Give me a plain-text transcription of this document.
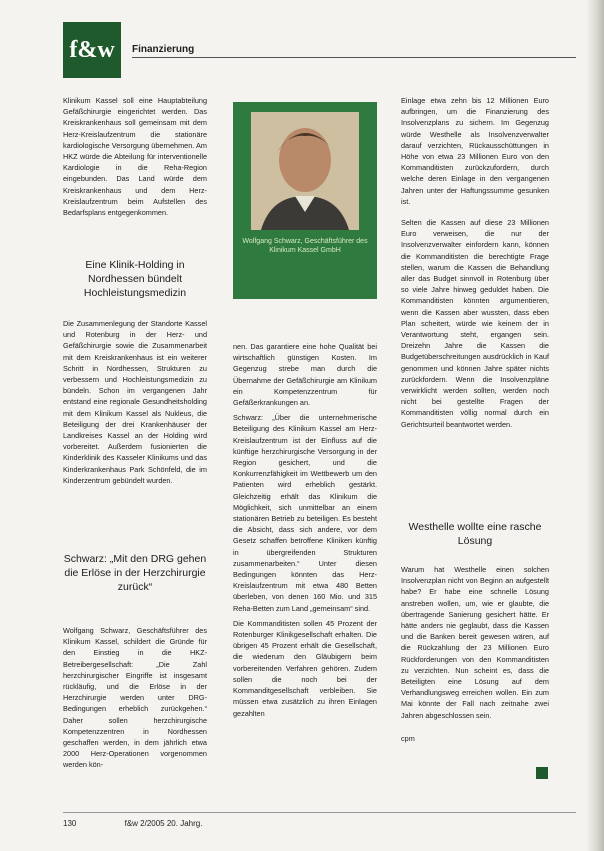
f&w	Finanzierung

Klinikum Kassel soll eine Hauptabteilung Gefäßchirurgie eingerichtet werden. Das Kreiskrankenhaus soll gemeinsam mit dem Herz-Kreislaufzentrum die stationäre kardiologische Versorgung übernehmen. Am HKZ würde die Abteilung für interventionelle Kardiologie in die Reha-Region eingebunden. Das Land würde dem Kreiskrankenhaus und dem Herz-Kreislaufzentrum beim Aufstellen des Bedarfsplans entgegenkommen.

Eine Klinik-Holding in Nordhessen bündelt Hochleistungsmedizin

Die Zusammenlegung der Standorte Kassel und Rotenburg in der Herz- und Gefäßchirurgie sowie die Zusammenarbeit mit dem Kreiskrankenhaus ist ein weiterer Schritt in Nordhessen, Strukturen zu verbessern und Hochleistungsmedizin zu bündeln. Schon im vergangenen Jahr entstand eine regionale Gesundheitsholding mit dem Klinikum Kassel als Nukleus, die Beteiligung der drei Krankenhäuser der Landkreises Kassel an der Holding wird vorbereitet. Außerdem fusionierten die Kinderklinik des Kasseler Klinikums und das Kinderkrankenhaus Park Schönfeld, die im Kinderzentrum gebündelt wurden.

Schwarz: „Mit den DRG gehen die Erlöse in der Herzchirurgie zurück“

Wolfgang Schwarz, Geschäftsführer des Klinikum Kassel, schildert die Gründe für den Einstieg in die HKZ-Betreibergesellschaft: „Die Zahl herzchirurgischer Eingriffe ist insgesamt rückläufig, und die Erlöse in der Herzchirurgie werden unter DRG-Bedingungen erheblich zurückgehen.“ Daher sollen herzchirurgische Kompetenzzentren in Nordhessen geschaffen werden, in dem jährlich etwa 2000 Herz-Operationen vorgenommen werden kön-

Wolfgang Schwarz, Geschäftsführer des Klinikum Kassel GmbH

nen. Das garantiere eine hohe Qualität bei wirtschaftlich günstigen Kosten. Im Gegenzug strebe man durch die Übernahme der Gefäßchirurgie am Klinikum ein Kompetenzzentrum für Gefäßerkrankungen an.

Schwarz: „Über die unternehmerische Beteiligung des Klinikum Kassel am Herz-Kreislaufzentrum ist der Einfluss auf die künftige herzchirurgische Versorgung in der Region gesichert, und die Konkurrenzfähigkeit im Wettbewerb um den Patienten wird erheblich gestärkt. Gleichzeitig erhält das Klinikum die Möglichkeit, sich unmittelbar an einem stationären Betrieb zu beteiligen. Es besteht die Absicht, dass sich andere, vor dem Gesetz schaffen betroffene Kliniken künftig in übergreifenden Strukturen zusammenarbeiten.“ Unter diesen Bedingungen könnten das Herz-Kreislaufzentrum mit etwa 480 Betten überleben, von denen 160 Mio. und 315 Reha-Betten zum Land „gemeinsam“ sind.

Die Kommanditisten sollen 45 Prozent der Rotenburger Klinikgesellschaft erhalten. Die übrigen 45 Prozent erhält die Gesellschaft, die wiederum den Gläubigern beim vorbereitenden Verfahren gehören. Zudem sollen die noch bei der Kommanditgesellschaft verbleiben. Sie müssen etwa zusätzlich zu ihren Einlagen gezahlten

Einlage etwa zehn bis 12 Millionen Euro aufbringen, um die Finanzierung des Insolvenzplans zu sichern. Im Gegenzug würde Westhelle als Insolvenzverwalter darauf verzichten, Rückausschüttungen in Höhe von etwa 23 Millionen Euro von den Kommanditisten zurückzufordern, durch welche deren Einlage in den vergangenen Jahren unter der Haftungssumme gesunken ist.

Selten die Kassen auf diese 23 Millionen Euro verweisen, die nur der Insolvenzverwalter einfordern kann, können die Kommanditisten die berechtigte Frage stellen, warum die Kassen die Behandlung aller das Budget sinnvoll in Rotenburg über so viele Jahre hinweg geduldet haben. Die Kommanditisten könnten argumentieren, wenn die Kassen aber wussten, dass eben Plan scheitert, würde wie keinem der in Verantwortung steht, ergangen sein. Dreizehn Jahre die Kassen die Budgetüberschreitungen ausdrücklich in Kauf genommen und können Jahre später nichts zurückfordern. Wenn die Insolvenzpläne verwirklicht werden sollten, werden noch nicht bei gestellte Fragen der Kommanditisten völlig normal durch ein Gerichtsurteil beantwortet werden.

Westhelle wollte eine rasche Lösung

Warum hat Westhelle einen solchen Insolvenzplan nicht von Beginn an aufgestellt habe? Er habe eine schnelle Lösung anstreben wollen, um, wie er glaubte, die übertragende Sanierung gesichert hätte. Er hätte anders nie geglaubt, dass die Kassen und die Banken bereit gewesen wären, auf die Rückzahlung der 23 Millionen Euro Rückforderungen von den Kommanditisten zu verzichten. Nun scheint es, dass die Beteiligten eine Lösung auf dem Verhandlungsweg erreichen wollen. Ein zum Mai könnte der Fall nach zeitnahe zwei Jahren abgeschlossen sein.

cpm

130	f&w 2/2005 20. Jahrg.
